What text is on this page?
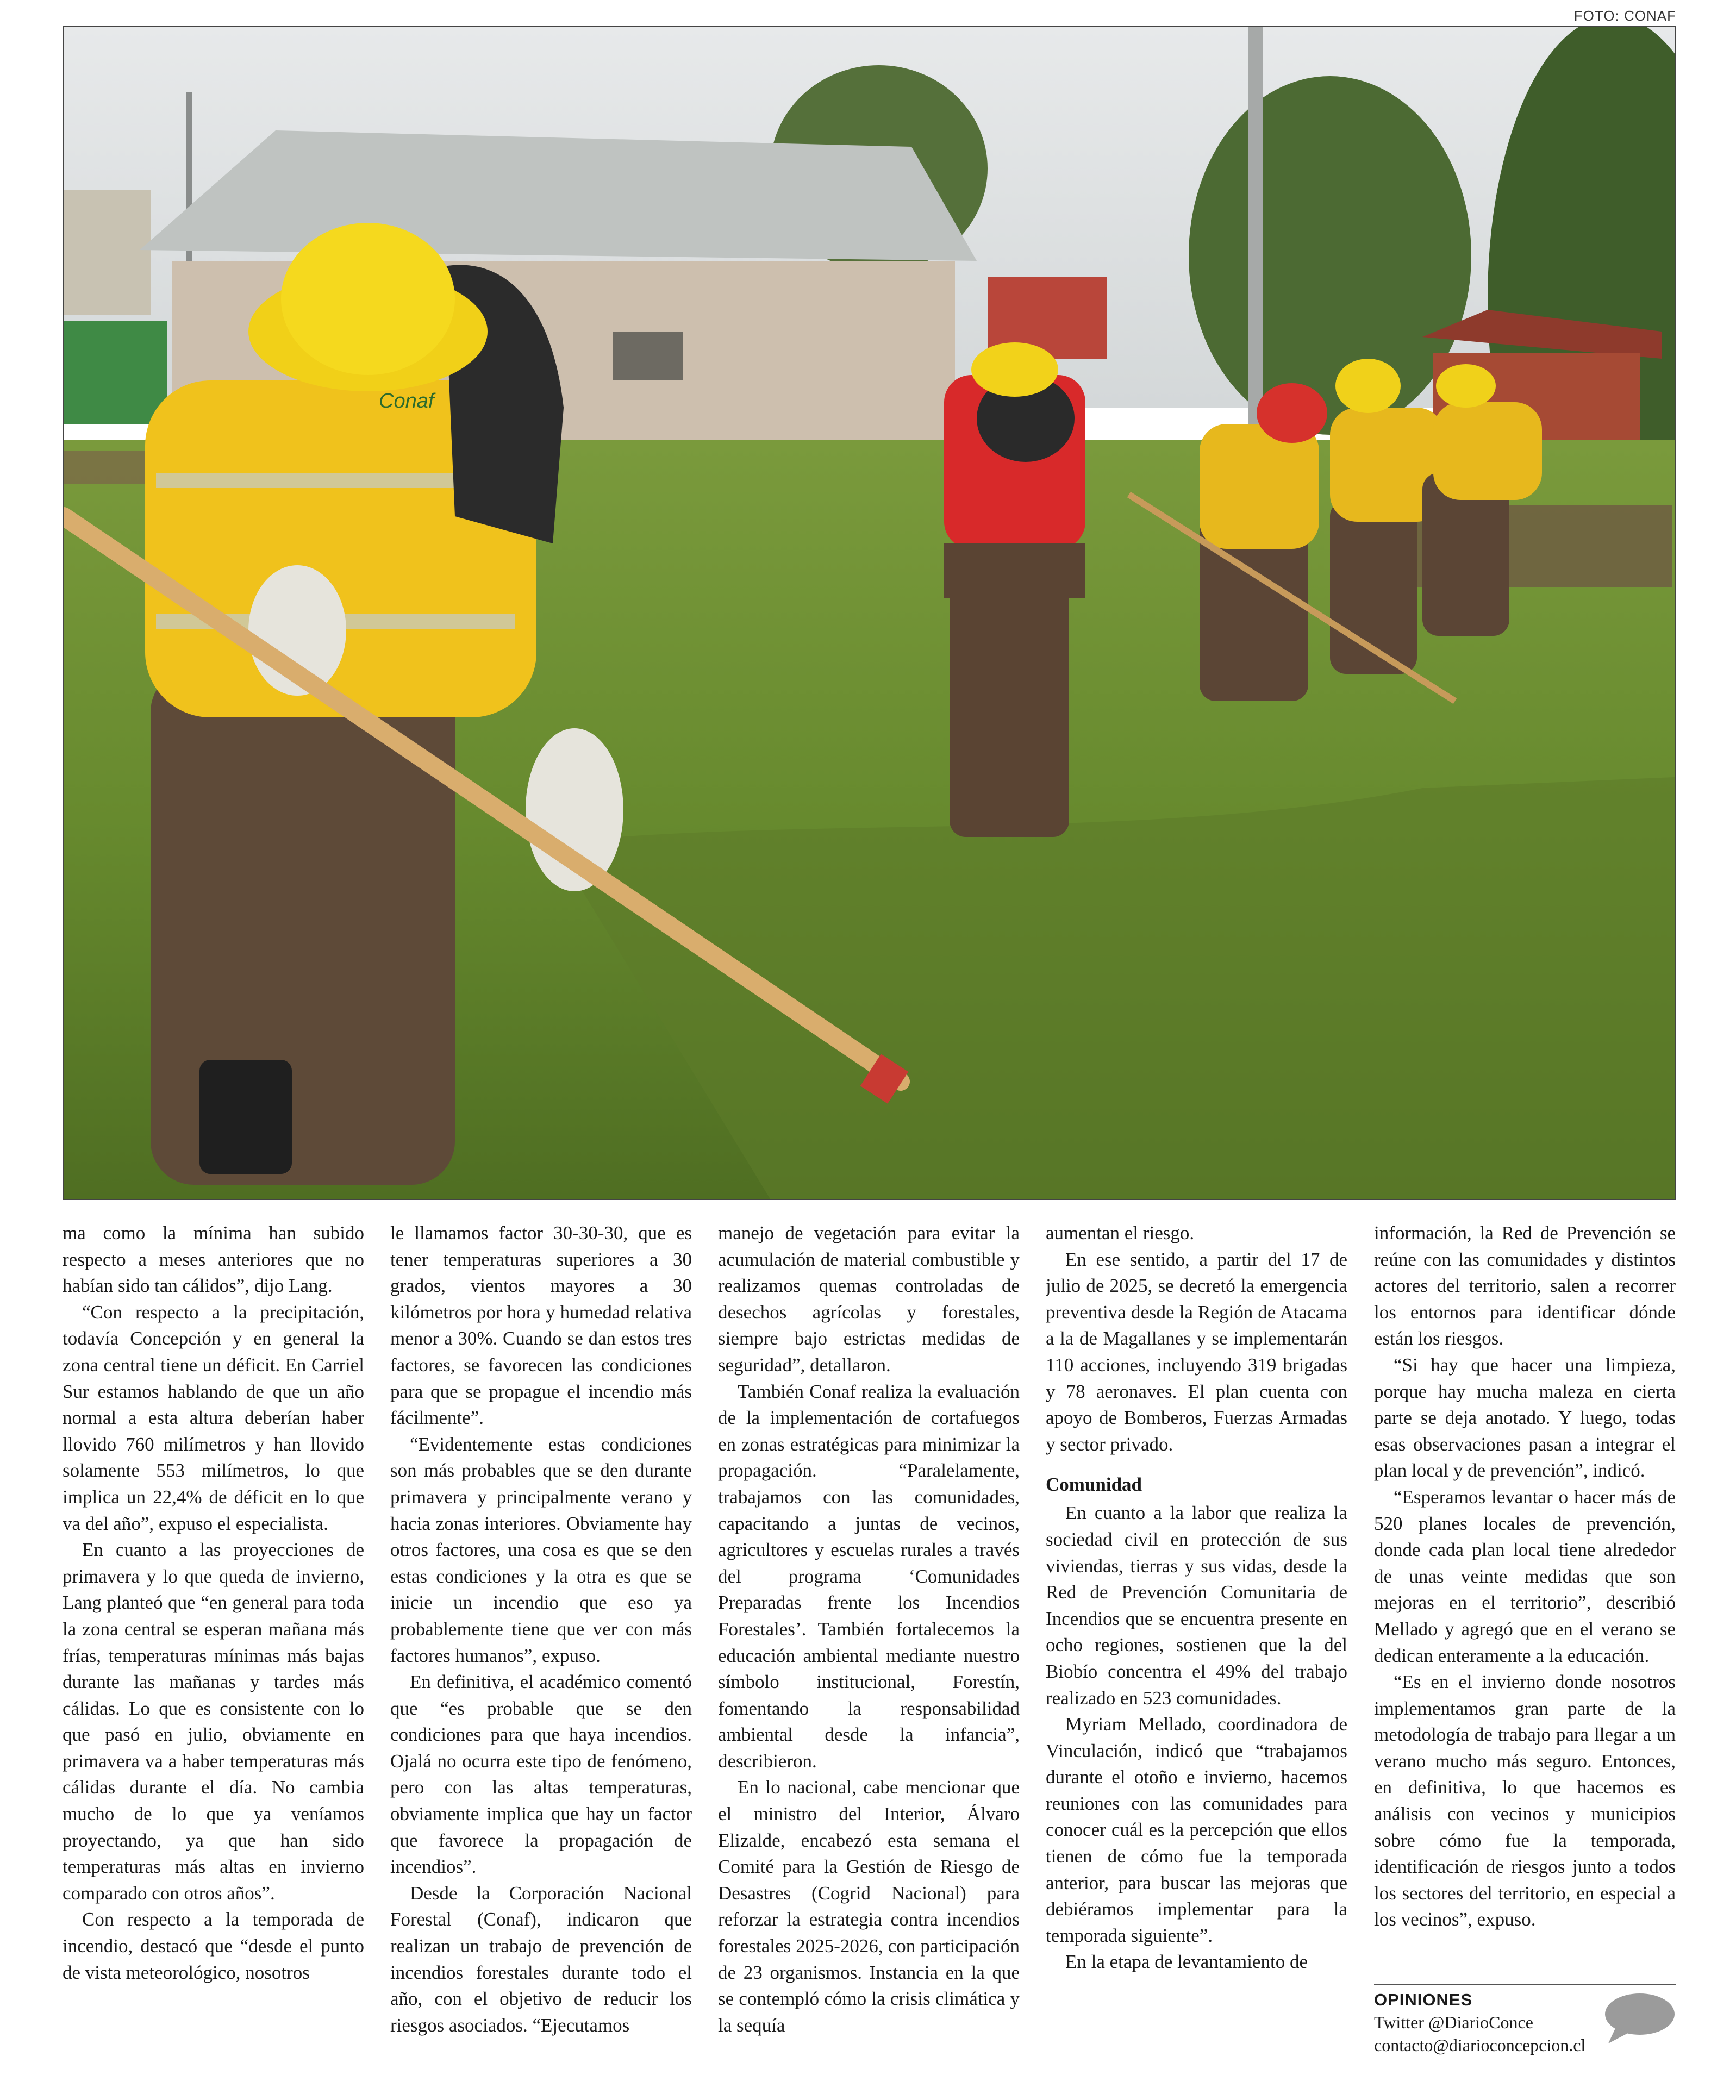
FOTO: CONAF
Conaf

ma como la mínima han subido respecto a meses anteriores que no habían sido tan cálidos”, dijo Lang.

“Con respecto a la precipitación, todavía Concepción y en general la zona central tiene un déficit. En Carriel Sur estamos hablando de que un año normal a esta altura deberían haber llovido 760 milímetros y han llovido solamente 553 milímetros, lo que implica un 22,4% de déficit en lo que va del año”, expuso el especialista.

En cuanto a las proyecciones de primavera y lo que queda de invierno, Lang planteó que “en general para toda la zona central se esperan mañana más frías, temperaturas mínimas más bajas durante las mañanas y tardes más cálidas. Lo que es consistente con lo que pasó en julio, obviamente en primavera va a haber temperaturas más cálidas durante el día. No cambia mucho de lo que ya veníamos proyectando, ya que han sido temperaturas más altas en invierno comparado con otros años”.

Con respecto a la temporada de incendio, destacó que “desde el punto de vista meteorológico, nosotros

le llamamos factor 30-30-30, que es tener temperaturas superiores a 30 grados, vientos mayores a 30 kilómetros por hora y humedad relativa menor a 30%. Cuando se dan estos tres factores, se favorecen las condiciones para que se propague el incendio más fácilmente”.

“Evidentemente estas condiciones son más probables que se den durante primavera y principalmente verano y hacia zonas interiores. Obviamente hay otros factores, una cosa es que se den estas condiciones y la otra es que se inicie un incendio que eso ya probablemente tiene que ver con más factores humanos”, expuso.

En definitiva, el académico comentó que “es probable que se den condiciones para que haya incendios. Ojalá no ocurra este tipo de fenómeno, pero con las altas temperaturas, obviamente implica que hay un factor que favorece la propagación de incendios”.

Desde la Corporación Nacional Forestal (Conaf), indicaron que realizan un trabajo de prevención de incendios forestales durante todo el año, con el objetivo de reducir los riesgos asociados. “Ejecutamos

manejo de vegetación para evitar la acumulación de material combustible y realizamos quemas controladas de desechos agrícolas y forestales, siempre bajo estrictas medidas de seguridad”, detallaron.

También Conaf realiza la evaluación de la implementación de cortafuegos en zonas estratégicas para minimizar la propagación. “Paralelamente, trabajamos con las comunidades, capacitando a juntas de vecinos, agricultores y escuelas rurales a través del programa ‘Comunidades Preparadas frente los Incendios Forestales’. También fortalecemos la educación ambiental mediante nuestro símbolo institucional, Forestín, fomentando la responsabilidad ambiental desde la infancia”, describieron.

En lo nacional, cabe mencionar que el ministro del Interior, Álvaro Elizalde, encabezó esta semana el Comité para la Gestión de Riesgo de Desastres (Cogrid Nacional) para reforzar la estrategia contra incendios forestales 2025-2026, con participación de 23 organismos. Instancia en la que se contempló cómo la crisis climática y la sequía

aumentan el riesgo.

En ese sentido, a partir del 17 de julio de 2025, se decretó la emergencia preventiva desde la Región de Atacama a la de Magallanes y se implementarán 110 acciones, incluyendo 319 brigadas y 78 aeronaves. El plan cuenta con apoyo de Bomberos, Fuerzas Armadas y sector privado.

Comunidad

En cuanto a la labor que realiza la sociedad civil en protección de sus viviendas, tierras y sus vidas, desde la Red de Prevención Comunitaria de Incendios que se encuentra presente en ocho regiones, sostienen que la del Biobío concentra el 49% del trabajo realizado en 523 comunidades.

Myriam Mellado, coordinadora de Vinculación, indicó que “trabajamos durante el otoño e invierno, hacemos reuniones con las comunidades para conocer cuál es la percepción que ellos tienen de cómo fue la temporada anterior, para buscar las mejoras que debiéramos implementar para la temporada siguiente”.

En la etapa de levantamiento de

información, la Red de Prevención se reúne con las comunidades y distintos actores del territorio, salen a recorrer los entornos para identificar dónde están los riesgos.

“Si hay que hacer una limpieza, porque hay mucha maleza en cierta parte se deja anotado. Y luego, todas esas observaciones pasan a integrar el plan local y de prevención”, indicó.

“Esperamos levantar o hacer más de 520 planes locales de prevención, donde cada plan local tiene alrededor de unas veinte medidas que son mejoras en el territorio”, describió Mellado y agregó que en el verano se dedican enteramente a la educación.

“Es en el invierno donde nosotros implementamos gran parte de la metodología de trabajo para llegar a un verano mucho más seguro. Entonces, en definitiva, lo que hacemos es análisis con vecinos y municipios sobre cómo fue la temporada, identificación de riesgos junto a todos los sectores del territorio, en especial a los vecinos”, expuso.

OPINIONES
Twitter @DiarioConce
contacto@diarioconcepcion.cl
